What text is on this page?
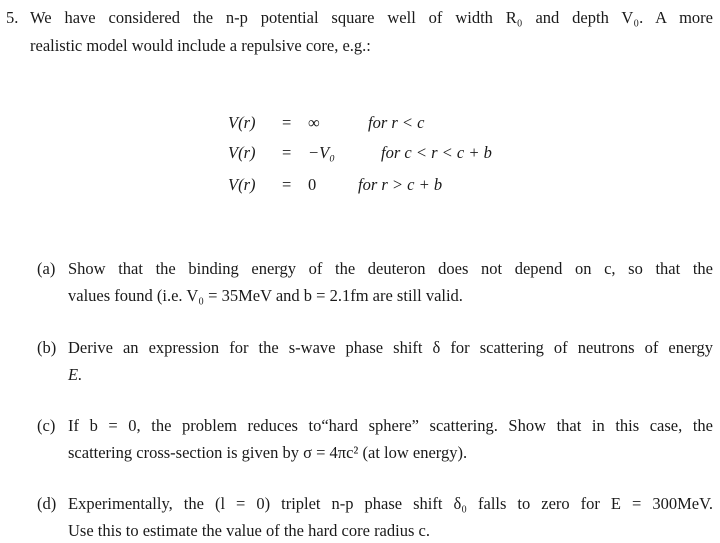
5. We have considered the n-p potential square well of width R₀ and depth V₀. A more
realistic model would include a repulsive core, e.g.:
V(r) = ∞	for r < c
V(r) = −V₀	for c < r < c + b
V(r) = 0	for r > c + b
(a) Show that the binding energy of the deuteron does not depend on c, so that the
values found (i.e. V₀ = 35MeV and b = 2.1fm are still valid.
(b) Derive an expression for the s-wave phase shift δ for scattering of neutrons of energy
E.
(c) If b = 0, the problem reduces to“hard sphere” scattering. Show that in this case, the
scattering cross-section is given by σ = 4πc² (at low energy).
(d) Experimentally, the (l = 0) triplet n-p phase shift δ₀ falls to zero for E = 300MeV.
Use this to estimate the value of the hard core radius c.
